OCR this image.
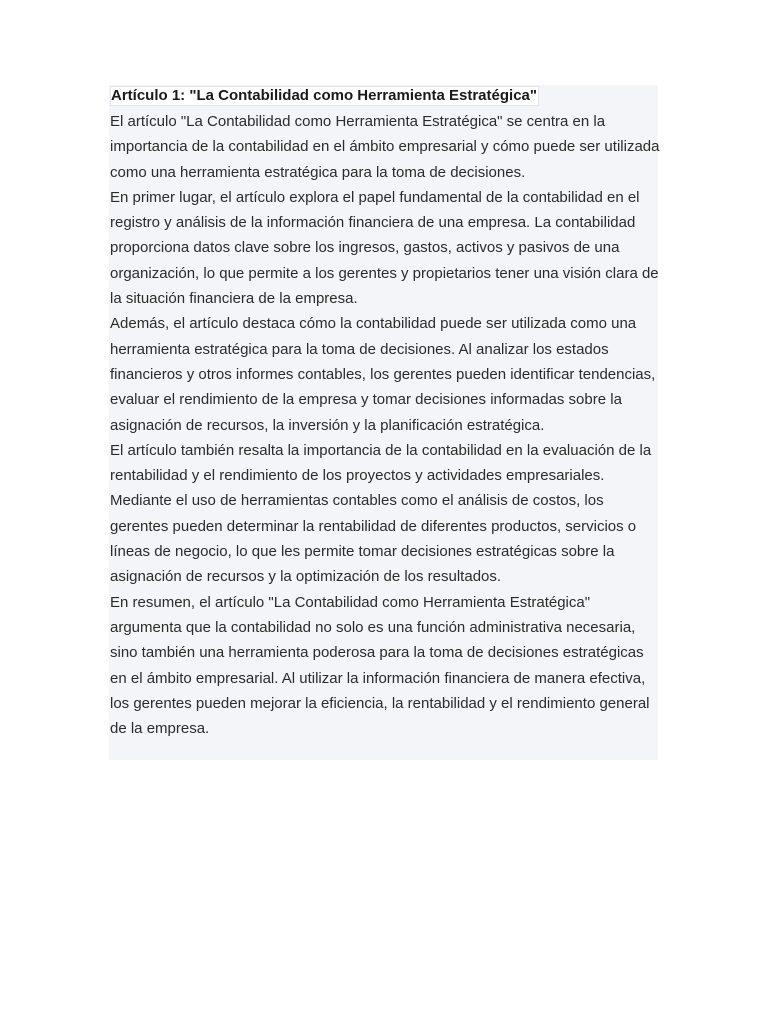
Artículo 1: "La Contabilidad como Herramienta Estratégica"

El artículo "La Contabilidad como Herramienta Estratégica" se centra en la importancia de la contabilidad en el ámbito empresarial y cómo puede ser utilizada como una herramienta estratégica para la toma de decisiones.

En primer lugar, el artículo explora el papel fundamental de la contabilidad en el registro y análisis de la información financiera de una empresa. La contabilidad proporciona datos clave sobre los ingresos, gastos, activos y pasivos de una organización, lo que permite a los gerentes y propietarios tener una visión clara de la situación financiera de la empresa.

Además, el artículo destaca cómo la contabilidad puede ser utilizada como una herramienta estratégica para la toma de decisiones. Al analizar los estados financieros y otros informes contables, los gerentes pueden identificar tendencias, evaluar el rendimiento de la empresa y tomar decisiones informadas sobre la asignación de recursos, la inversión y la planificación estratégica.

El artículo también resalta la importancia de la contabilidad en la evaluación de la rentabilidad y el rendimiento de los proyectos y actividades empresariales. Mediante el uso de herramientas contables como el análisis de costos, los gerentes pueden determinar la rentabilidad de diferentes productos, servicios o líneas de negocio, lo que les permite tomar decisiones estratégicas sobre la asignación de recursos y la optimización de los resultados.

En resumen, el artículo "La Contabilidad como Herramienta Estratégica" argumenta que la contabilidad no solo es una función administrativa necesaria, sino también una herramienta poderosa para la toma de decisiones estratégicas en el ámbito empresarial. Al utilizar la información financiera de manera efectiva, los gerentes pueden mejorar la eficiencia, la rentabilidad y el rendimiento general de la empresa.
